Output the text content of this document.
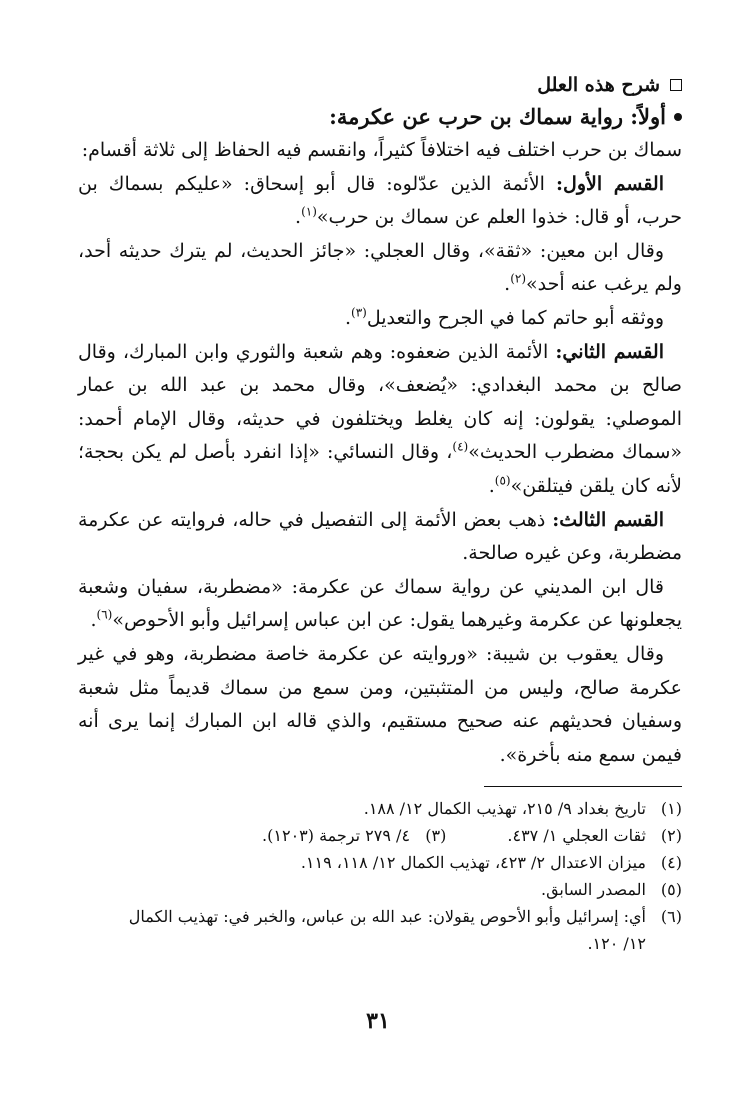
شرح هذه العلل
أولاً: رواية سماك بن حرب عن عكرمة:

سماك بن حرب اختلف فيه اختلافاً كثيراً، وانقسم فيه الحفاظ إلى ثلاثة أقسام:

القسم الأول: الأئمة الذين عدّلوه: قال أبو إسحاق: «عليكم بسماك بن حرب، أو قال: خذوا العلم عن سماك بن حرب»$^{(١)}$.

وقال ابن معين: «ثقة»، وقال العجلي: «جائز الحديث، لم يترك حديثه أحد، ولم يرغب عنه أحد»$^{(٢)}$.

ووثقه أبو حاتم كما في الجرح والتعديل$^{(٣)}$.

القسم الثاني: الأئمة الذين ضعفوه: وهم شعبة والثوري وابن المبارك، وقال صالح بن محمد البغدادي: «يُضعف»، وقال محمد بن عبد الله بن عمار الموصلي: يقولون: إنه كان يغلط ويختلفون في حديثه، وقال الإمام أحمد: «سماك مضطرب الحديث»$^{(٤)}$، وقال النسائي: «إذا انفرد بأصل لم يكن بحجة؛ لأنه كان يلقن فيتلقن»$^{(٥)}$.

القسم الثالث: ذهب بعض الأئمة إلى التفصيل في حاله، فروايته عن عكرمة مضطربة، وعن غيره صالحة.

قال ابن المديني عن رواية سماك عن عكرمة: «مضطربة، سفيان وشعبة يجعلونها عن عكرمة وغيرهما يقول: عن ابن عباس إسرائيل وأبو الأحوص»$^{(٦)}$.

وقال يعقوب بن شيبة: «وروايته عن عكرمة خاصة مضطربة، وهو في غير عكرمة صالح، وليس من المتثبتين، ومن سمع من سماك قديماً مثل شعبة وسفيان فحديثهم عنه صحيح مستقيم، والذي قاله ابن المبارك إنما يرى أنه فيمن سمع منه بأخرة».

(١)
تاريخ بغداد ٩/ ٢١٥، تهذيب الكمال ١٢/ ١٨٨.
(٢)
ثقات العجلي ١/ ٤٣٧.            (٣)   ٤/ ٢٧٩ ترجمة (١٢٠٣).
(٤)
ميزان الاعتدال ٢/ ٤٢٣، تهذيب الكمال ١٢/ ١١٨، ١١٩.
(٥)
المصدر السابق.
(٦)
أي: إسرائيل وأبو الأحوص يقولان: عبد الله بن عباس، والخبر في: تهذيب الكمال
١٢/ ١٢٠.
٣١
